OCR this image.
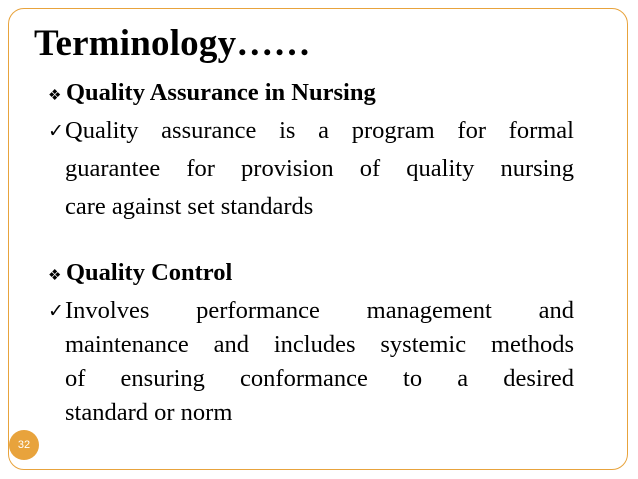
Terminology……
❖ Quality Assurance in Nursing
✓ Quality assurance is a program for formal
guarantee for provision of quality nursing
care against set standards
❖ Quality Control
✓ Involves performance management and
maintenance and includes systemic methods
of ensuring conformance to a desired
standard or norm
32
